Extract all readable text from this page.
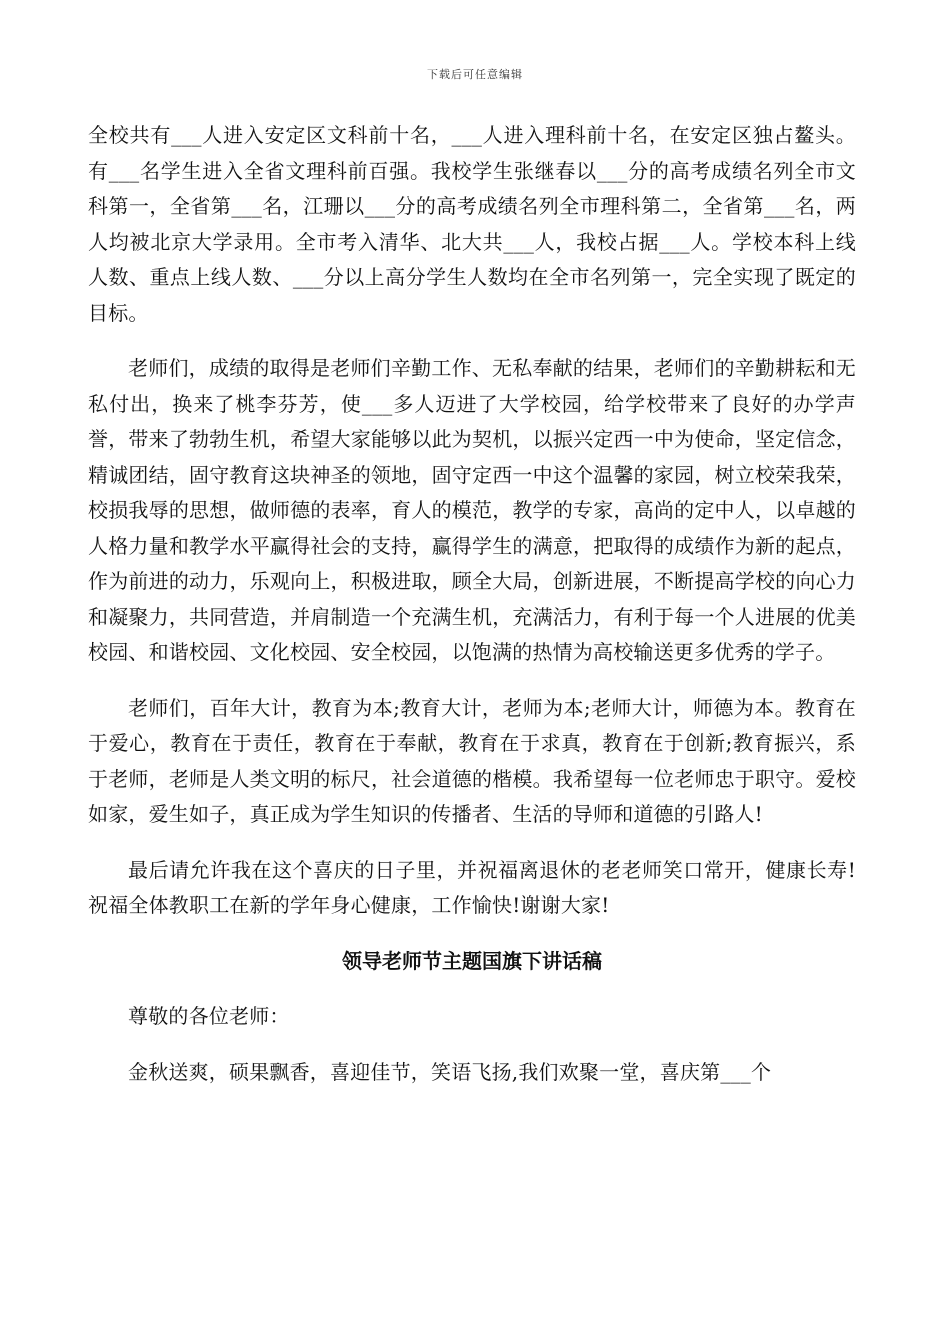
下载后可任意编辑

全校共有___人进入安定区文科前十名，___人进入理科前十名，在安定区独占鳌头。有___名学生进入全省文理科前百强。我校学生张继春以___分的高考成绩名列全市文科第一，全省第___名，江珊以___分的高考成绩名列全市理科第二，全省第___名，两人均被北京大学录用。全市考入清华、北大共___人，我校占据___人。学校本科上线人数、重点上线人数、___分以上高分学生人数均在全市名列第一，完全实现了既定的目标。

老师们，成绩的取得是老师们辛勤工作、无私奉献的结果，老师们的辛勤耕耘和无私付出，换来了桃李芬芳，使___多人迈进了大学校园，给学校带来了良好的办学声誉，带来了勃勃生机，希望大家能够以此为契机，以振兴定西一中为使命，坚定信念，精诚团结，固守教育这块神圣的领地，固守定西一中这个温馨的家园，树立校荣我荣，校损我辱的思想，做师德的表率，育人的模范，教学的专家，高尚的定中人，以卓越的人格力量和教学水平赢得社会的支持，赢得学生的满意，把取得的成绩作为新的起点，作为前进的动力，乐观向上，积极进取，顾全大局，创新进展，不断提高学校的向心力和凝聚力，共同营造，并肩制造一个充满生机，充满活力，有利于每一个人进展的优美校园、和谐校园、文化校园、安全校园，以饱满的热情为高校输送更多优秀的学子。

老师们，百年大计，教育为本;教育大计，老师为本;老师大计，师德为本。教育在于爱心，教育在于责任，教育在于奉献，教育在于求真，教育在于创新;教育振兴，系于老师，老师是人类文明的标尺，社会道德的楷模。我希望每一位老师忠于职守。爱校如家，爱生如子，真正成为学生知识的传播者、生活的导师和道德的引路人!

最后请允许我在这个喜庆的日子里，并祝福离退休的老老师笑口常开，健康长寿!祝福全体教职工在新的学年身心健康，工作愉快!谢谢大家!

领导老师节主题国旗下讲话稿

尊敬的各位老师：

金秋送爽，硕果飘香，喜迎佳节，笑语飞扬,我们欢聚一堂，喜庆第___个
